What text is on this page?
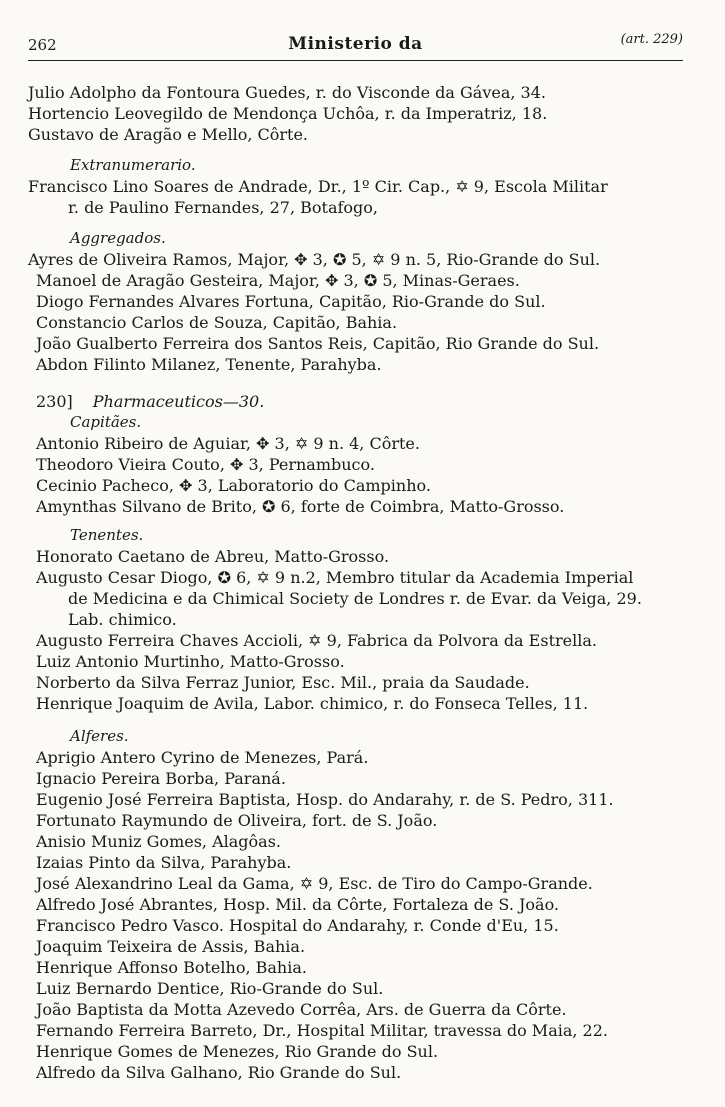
262	Ministerio da	(art. 229)
Julio Adolpho da Fontoura Guedes, r. do Visconde da Gávea, 34.
Hortencio Leovegildo de Mendonça Uchôa, r. da Imperatriz, 18.
Gustavo de Aragão e Mello, Côrte.
Extranumerario.
Francisco Lino Soares de Andrade, Dr., 1º Cir. Cap., ✡ 9, Escola Militar
r. de Paulino Fernandes, 27, Botafogo,
Aggregados.
Ayres de Oliveira Ramos, Major, ✥ 3, ✪ 5, ✡ 9 n. 5, Rio-Grande do Sul.
Manoel de Aragão Gesteira, Major, ✥ 3, ✪ 5, Minas-Geraes.
Diogo Fernandes Alvares Fortuna, Capitão, Rio-Grande do Sul.
Constancio Carlos de Souza, Capitão, Bahia.
João Gualberto Ferreira dos Santos Reis, Capitão, Rio Grande do Sul.
Abdon Filinto Milanez, Tenente, Parahyba.
230] Pharmaceuticos—30.
Capitães.
Antonio Ribeiro de Aguiar, ✥ 3, ✡ 9 n. 4, Côrte.
Theodoro Vieira Couto, ✥ 3, Pernambuco.
Cecinio Pacheco, ✥ 3, Laboratorio do Campinho.
Amynthas Silvano de Brito, ✪ 6, forte de Coimbra, Matto-Grosso.
Tenentes.
Honorato Caetano de Abreu, Matto-Grosso.
Augusto Cesar Diogo, ✪ 6, ✡ 9 n.2, Membro titular da Academia Imperial
de Medicina e da Chimical Society de Londres r. de Evar. da Veiga, 29.
Lab. chimico.
Augusto Ferreira Chaves Accioli, ✡ 9, Fabrica da Polvora da Estrella.
Luiz Antonio Murtinho, Matto-Grosso.
Norberto da Silva Ferraz Junior, Esc. Mil., praia da Saudade.
Henrique Joaquim de Avila, Labor. chimico, r. do Fonseca Telles, 11.
Alferes.
Aprigio Antero Cyrino de Menezes, Pará.
Ignacio Pereira Borba, Paraná.
Eugenio José Ferreira Baptista, Hosp. do Andarahy, r. de S. Pedro, 311.
Fortunato Raymundo de Oliveira, fort. de S. João.
Anisio Muniz Gomes, Alagôas.
Izaias Pinto da Silva, Parahyba.
José Alexandrino Leal da Gama, ✡ 9, Esc. de Tiro do Campo-Grande.
Alfredo José Abrantes, Hosp. Mil. da Côrte, Fortaleza de S. João.
Francisco Pedro Vasco. Hospital do Andarahy, r. Conde d'Eu, 15.
Joaquim Teixeira de Assis, Bahia.
Henrique Affonso Botelho, Bahia.
Luiz Bernardo Dentice, Rio-Grande do Sul.
João Baptista da Motta Azevedo Corrêa, Ars. de Guerra da Côrte.
Fernando Ferreira Barreto, Dr., Hospital Militar, travessa do Maia, 22.
Henrique Gomes de Menezes, Rio Grande do Sul.
Alfredo da Silva Galhano, Rio Grande do Sul.
